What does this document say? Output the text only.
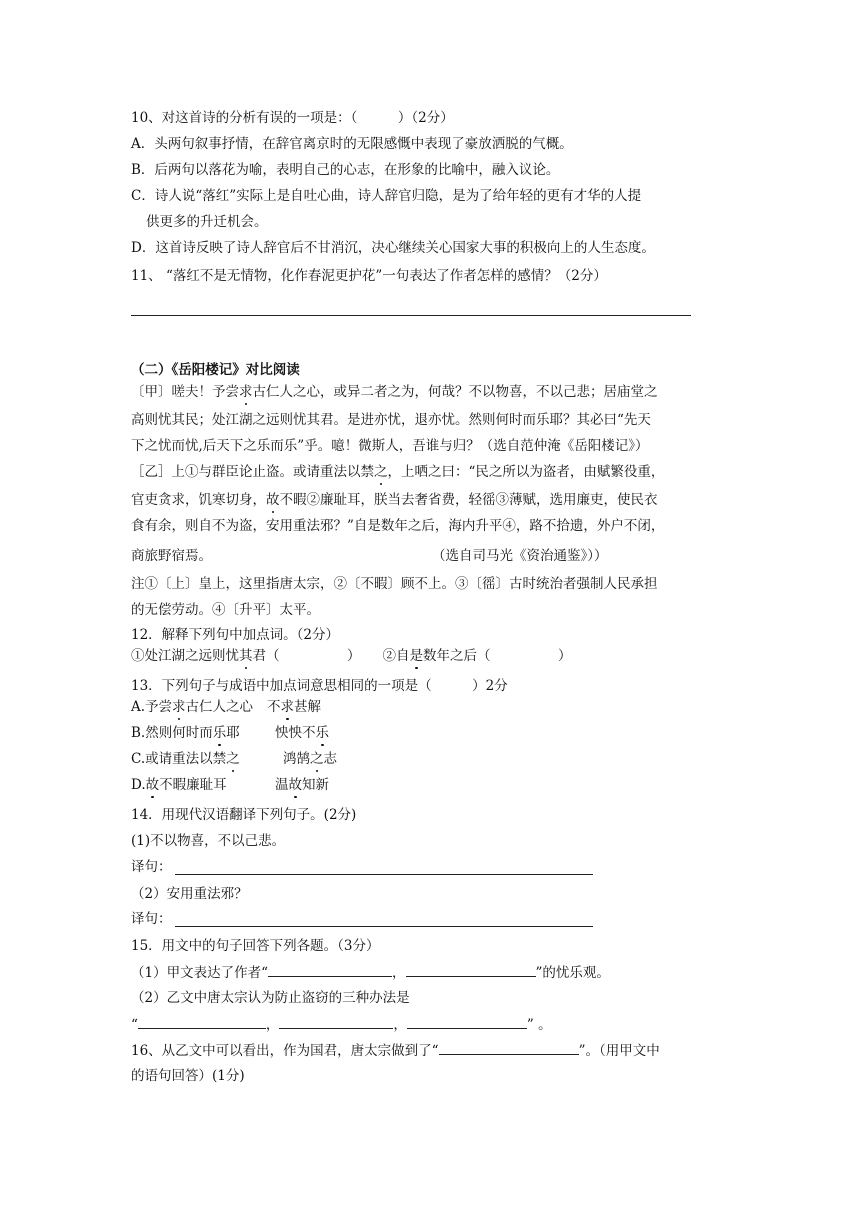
10、对这首诗的分析有误的一项是：（　　　）（2分）
A．头两句叙事抒情，在辞官离京时的无限感慨中表现了豪放洒脱的气概。
B．后两句以落花为喻，表明自己的心志，在形象的比喻中，融入议论。
C．诗人说“落红”实际上是自吐心曲，诗人辞官归隐，是为了给年轻的更有才华的人提
供更多的升迁机会。
D．这首诗反映了诗人辞官后不甘消沉，决心继续关心国家大事的积极向上的人生态度。
11、 “落红不是无情物，化作春泥更护花”一句表达了作者怎样的感情？（2分）
（二）《岳阳楼记》对比阅读
〔甲〕嗟夫！予尝求古仁人之心，或异二者之为，何哉？不以物喜，不以己悲；居庙堂之
高则忧其民；处江湖之远则忧其君。是进亦忧，退亦忧。然则何时而乐耶？其必曰“先天
下之忧而忧,后天下之乐而乐”乎。噫！微斯人，吾谁与归？（选自范仲淹《岳阳楼记》）
［乙］上①与群臣论止盗。或请重法以禁之，上哂之曰：“民之所以为盗者，由赋繁役重，
官吏贪求，饥寒切身，故不暇②廉耻耳，朕当去奢省费，轻徭③薄赋，选用廉吏，使民衣
食有余，则自不为盗，安用重法邪？”自是数年之后，海内升平④，路不拾遗，外户不闭，
商旅野宿焉。	（选自司马光《资治通鉴》））
注①〔上〕皇上，这里指唐太宗，②〔不暇〕顾不上。③〔徭〕古时统治者强制人民承担
的无偿劳动。④〔升平〕太平。
12．解释下列句中加点词。（2分）
①处江湖之远则忧其君（　　　　　） ②自是数年之后（　　　　　）
13．下列句子与成语中加点词意思相同的一项是（　　　）2分
A.予尝求古仁人之心 不求甚解
B.然则何时而乐耶	怏怏不乐
C.或请重法以禁之	鸿鹄之志
D.故不暇廉耻耳	温故知新
14．用现代汉语翻译下列句子。(2分)
(1)不以物喜，不以己悲。
译句：
（2）安用重法邪？
译句：
15．用文中的句子回答下列各题。（3分）
（1）甲文表达了作者“	，	”的忧乐观。
（2）乙文中唐太宗认为防止盗窃的三种办法是
“	，	，	” 。
16、从乙文中可以看出，作为国君，唐太宗做到了“	”。（用甲文中
的语句回答）(1分)
